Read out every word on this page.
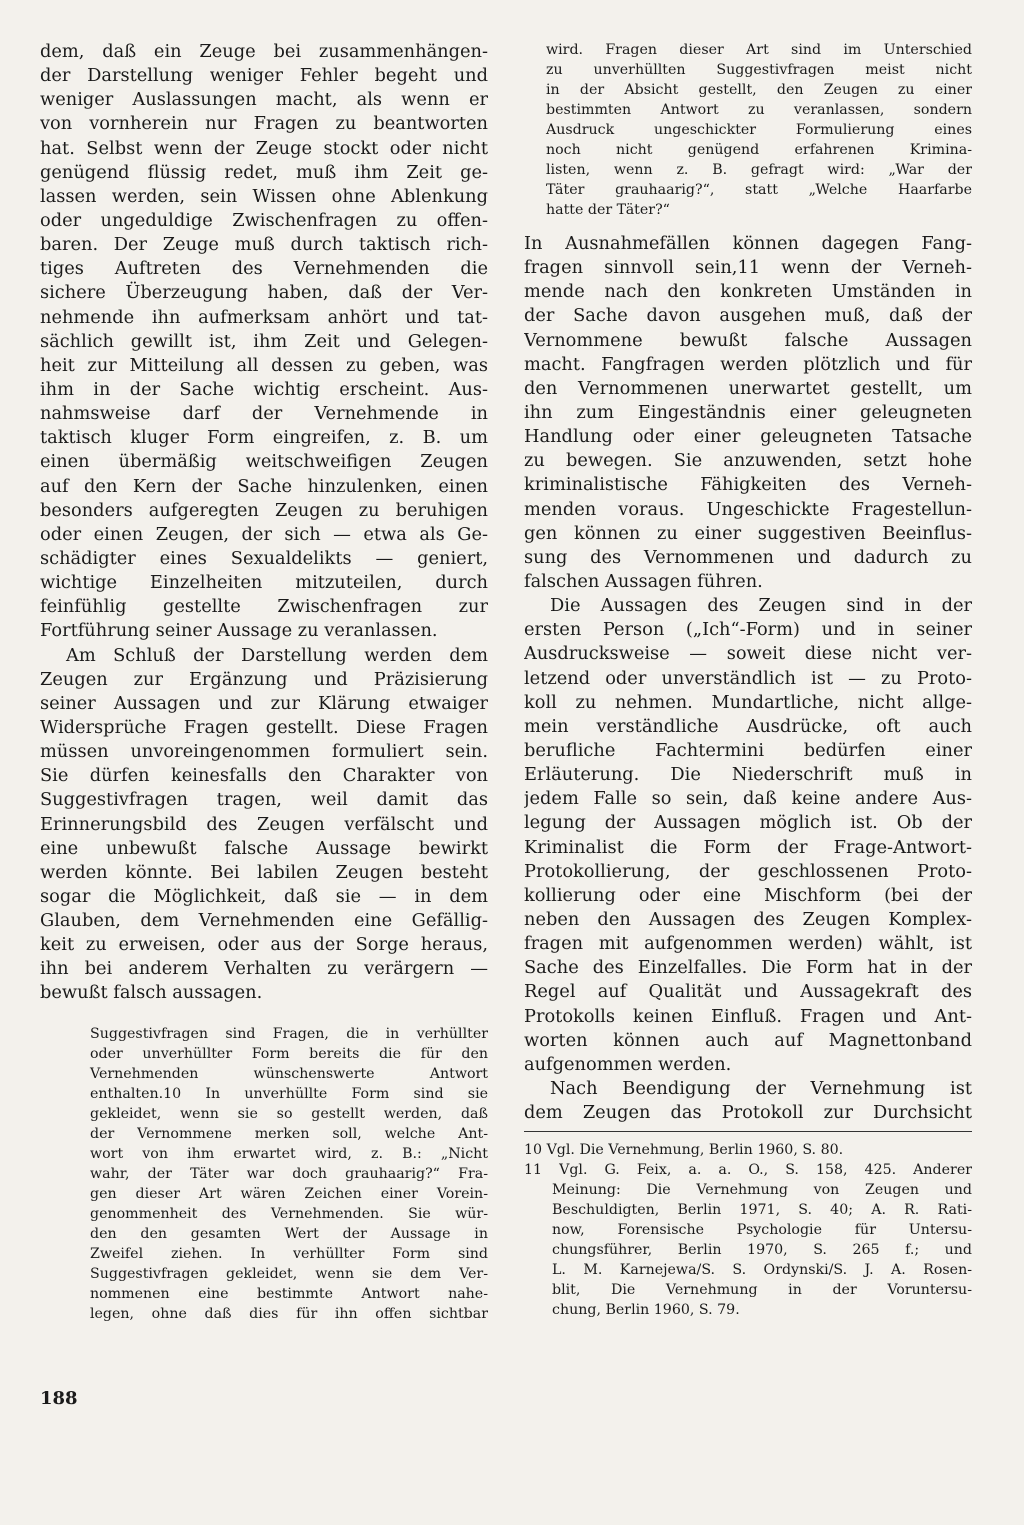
dem, daß ein Zeuge bei zusammenhängen-
der Darstellung weniger Fehler begeht und
weniger Auslassungen macht, als wenn er
von vornherein nur Fragen zu beantworten
hat. Selbst wenn der Zeuge stockt oder nicht
genügend flüssig redet, muß ihm Zeit ge-
lassen werden, sein Wissen ohne Ablenkung
oder ungeduldige Zwischenfragen zu offen-
baren. Der Zeuge muß durch taktisch rich-
tiges Auftreten des Vernehmenden die
sichere Überzeugung haben, daß der Ver-
nehmende ihn aufmerksam anhört und tat-
sächlich gewillt ist, ihm Zeit und Gelegen-
heit zur Mitteilung all dessen zu geben, was
ihm in der Sache wichtig erscheint. Aus-
nahmsweise darf der Vernehmende in
taktisch kluger Form eingreifen, z. B. um
einen übermäßig weitschweifigen Zeugen
auf den Kern der Sache hinzulenken, einen
besonders aufgeregten Zeugen zu beruhigen
oder einen Zeugen, der sich — etwa als Ge-
schädigter eines Sexualdelikts — geniert,
wichtige Einzelheiten mitzuteilen, durch
feinfühlig gestellte Zwischenfragen zur
Fortführung seiner Aussage zu veranlassen.
Am Schluß der Darstellung werden dem
Zeugen zur Ergänzung und Präzisierung
seiner Aussagen und zur Klärung etwaiger
Widersprüche Fragen gestellt. Diese Fragen
müssen unvoreingenommen formuliert sein.
Sie dürfen keinesfalls den Charakter von
Suggestivfragen tragen, weil damit das
Erinnerungsbild des Zeugen verfälscht und
eine unbewußt falsche Aussage bewirkt
werden könnte. Bei labilen Zeugen besteht
sogar die Möglichkeit, daß sie — in dem
Glauben, dem Vernehmenden eine Gefällig-
keit zu erweisen, oder aus der Sorge heraus,
ihn bei anderem Verhalten zu verärgern —
bewußt falsch aussagen.
Suggestivfragen sind Fragen, die in verhüllter
oder unverhüllter Form bereits die für den
Vernehmenden wünschenswerte Antwort
enthalten.10 In unverhüllte Form sind sie
gekleidet, wenn sie so gestellt werden, daß
der Vernommene merken soll, welche Ant-
wort von ihm erwartet wird, z. B.: „Nicht
wahr, der Täter war doch grauhaarig?“ Fra-
gen dieser Art wären Zeichen einer Vorein-
genommenheit des Vernehmenden. Sie wür-
den den gesamten Wert der Aussage in
Zweifel ziehen. In verhüllter Form sind
Suggestivfragen gekleidet, wenn sie dem Ver-
nommenen eine bestimmte Antwort nahe-
legen, ohne daß dies für ihn offen sichtbar
wird. Fragen dieser Art sind im Unterschied
zu unverhüllten Suggestivfragen meist nicht
in der Absicht gestellt, den Zeugen zu einer
bestimmten Antwort zu veranlassen, sondern
Ausdruck ungeschickter Formulierung eines
noch nicht genügend erfahrenen Krimina-
listen, wenn z. B. gefragt wird: „War der
Täter grauhaarig?“, statt „Welche Haarfarbe
hatte der Täter?“
In Ausnahmefällen können dagegen Fang-
fragen sinnvoll sein,11 wenn der Verneh-
mende nach den konkreten Umständen in
der Sache davon ausgehen muß, daß der
Vernommene bewußt falsche Aussagen
macht. Fangfragen werden plötzlich und für
den Vernommenen unerwartet gestellt, um
ihn zum Eingeständnis einer geleugneten
Handlung oder einer geleugneten Tatsache
zu bewegen. Sie anzuwenden, setzt hohe
kriminalistische Fähigkeiten des Verneh-
menden voraus. Ungeschickte Fragestellun-
gen können zu einer suggestiven Beeinflus-
sung des Vernommenen und dadurch zu
falschen Aussagen führen.
Die Aussagen des Zeugen sind in der
ersten Person („Ich“-Form) und in seiner
Ausdrucksweise — soweit diese nicht ver-
letzend oder unverständlich ist — zu Proto-
koll zu nehmen. Mundartliche, nicht allge-
mein verständliche Ausdrücke, oft auch
berufliche Fachtermini bedürfen einer
Erläuterung. Die Niederschrift muß in
jedem Falle so sein, daß keine andere Aus-
legung der Aussagen möglich ist. Ob der
Kriminalist die Form der Frage-Antwort-
Protokollierung, der geschlossenen Proto-
kollierung oder eine Mischform (bei der
neben den Aussagen des Zeugen Komplex-
fragen mit aufgenommen werden) wählt, ist
Sache des Einzelfalles. Die Form hat in der
Regel auf Qualität und Aussagekraft des
Protokolls keinen Einfluß. Fragen und Ant-
worten können auch auf Magnettonband
aufgenommen werden.
Nach Beendigung der Vernehmung ist
dem Zeugen das Protokoll zur Durchsicht
10 Vgl. Die Vernehmung, Berlin 1960, S. 80.
11 Vgl. G. Feix, a. a. O., S. 158, 425. Anderer
Meinung: Die Vernehmung von Zeugen und
Beschuldigten, Berlin 1971, S. 40; A. R. Rati-
now, Forensische Psychologie für Untersu-
chungsführer, Berlin 1970, S. 265 f.; und
L. M. Karnejewa/S. S. Ordynski/S. J. A. Rosen-
blit, Die Vernehmung in der Voruntersu-
chung, Berlin 1960, S. 79.
188
